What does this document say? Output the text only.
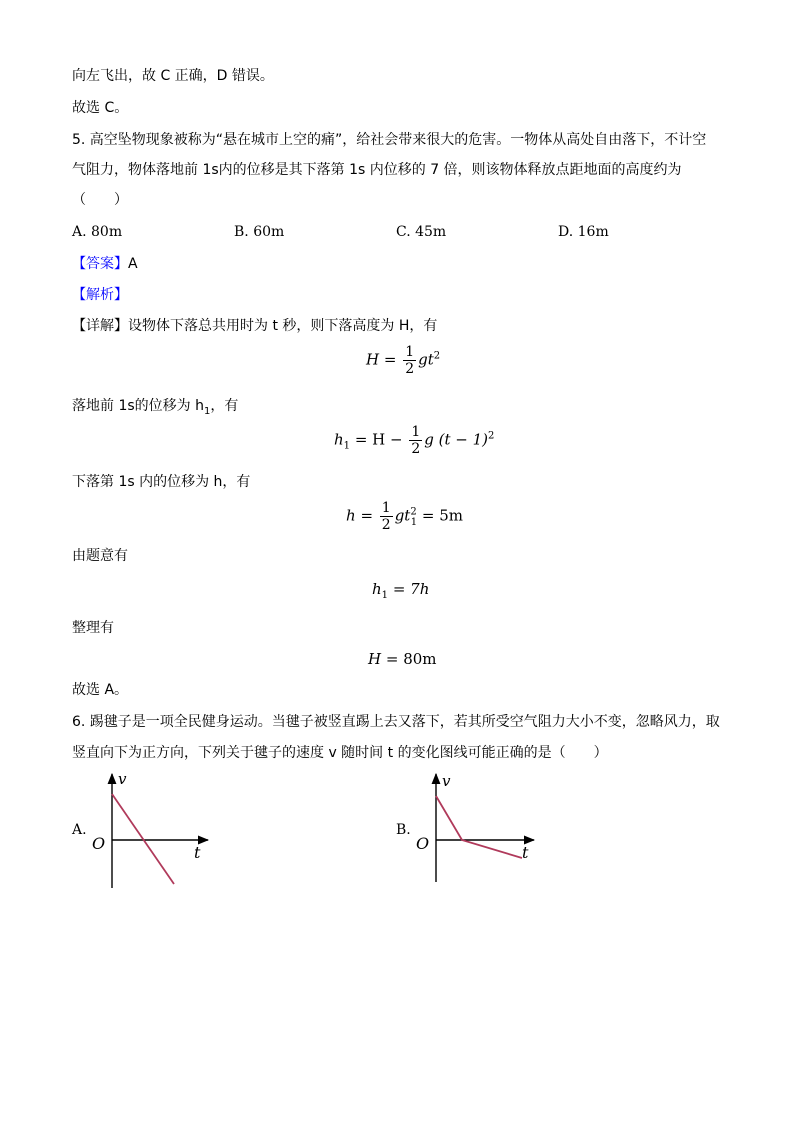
向左飞出，故 C 正确，D 错误。
故选 C。
5. 高空坠物现象被称为“悬在城市上空的痛”，给社会带来很大的危害。一物体从高处自由落下，不计空
气阻力，物体落地前 1s内的位移是其下落第 1s 内位移的 7 倍，则该物体释放点距地面的高度约为
（　　）
A. 80m	B. 60m	C. 45m	D. 16m
【答案】A
【解析】
【详解】设物体下落总共用时为 t 秒，则下落高度为 H，有
$H = \frac{1}{2} gt^2$
落地前 1s的位移为 $h_1$，有
$h_1 = H - \frac{1}{2}$ g $(t - 1)^2$
下落第 1s 内的位移为 h，有
$h = \frac{1}{2} gt^2_1 = 5m$
由题意有
$h_1 = 7h$
整理有
H = 80m
故选 A。
6. 踢毽子是一项全民健身运动。当毽子被竖直踢上去又落下，若其所受空气阻力大小不变，忽略风力，取
竖直向下为正方向，下列关于毽子的速度 v 随时间 t 的变化图线可能正确的是（　　）
A.
v
t
O
B.
v
t
O
